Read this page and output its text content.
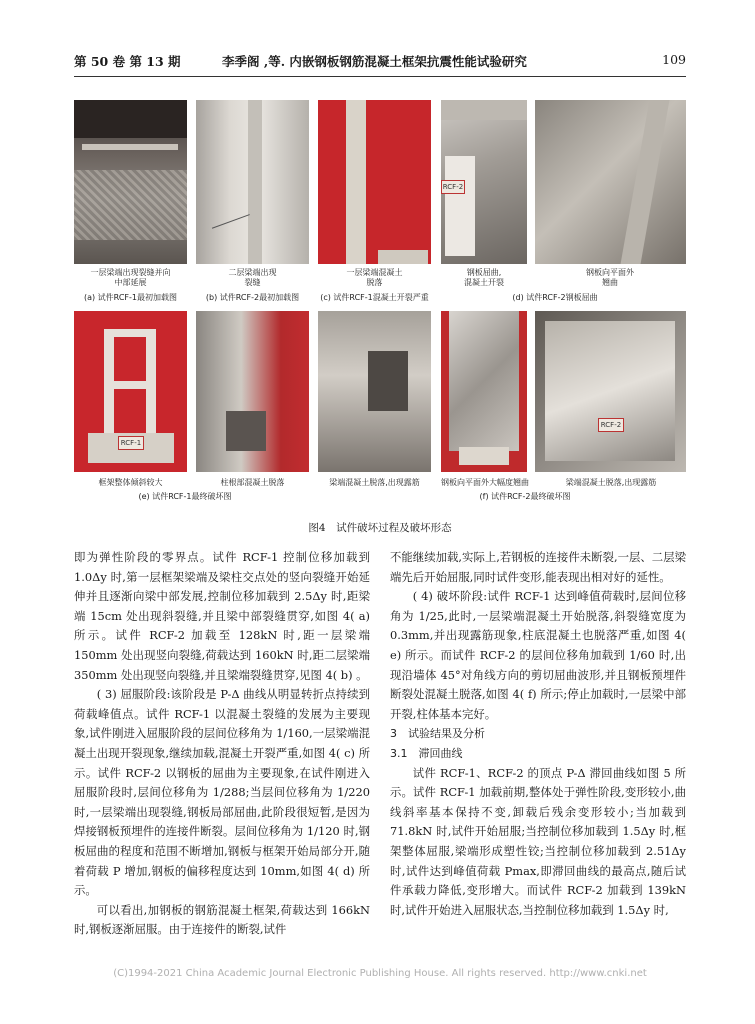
第 50 卷 第 13 期	李季阁 ,等. 内嵌钢板钢筋混凝土框架抗震性能试验研究	109
RCF-2
一层梁端出现裂缝并向
中部延展
二层梁端出现
裂缝
一层梁端混凝土
脱落
钢板屈曲,
混凝土开裂
钢板向平面外
翘曲
(a) 试件RCF-1最初加载图	(b) 试件RCF-2最初加载图	(c) 试件RCF-1混凝土开裂严重	(d) 试件RCF-2钢板屈曲
RCF-1
RCF-2
框架整体倾斜较大	柱根部混凝土脱落	梁端混凝土脱落,出现露筋	钢板向平面外大幅度翘曲	梁端混凝土脱落,出现露筋
(e) 试件RCF-1最终破坏图	(f) 试件RCF-2最终破坏图
图4　试件破坏过程及破坏形态

即为弹性阶段的零界点。试件 RCF-1 控制位移加载到 1.0Δy 时,第一层框架梁端及梁柱交点处的竖向裂缝开始延伸并且逐渐向梁中部发展,控制位移加载到 2.5Δy 时,距梁端 15cm 处出现斜裂缝,并且梁中部裂缝贯穿,如图 4( a) 所示。试件 RCF-2 加载至 128kN 时,距一层梁端 150mm 处出现竖向裂缝,荷载达到 160kN 时,距二层梁端 350mm 处出现竖向裂缝,并且梁端裂缝贯穿,见图 4( b) 。

( 3) 屈服阶段:该阶段是 P-Δ 曲线从明显转折点持续到荷载峰值点。试件 RCF-1 以混凝土裂缝的发展为主要现象,试件刚进入屈服阶段的层间位移角为 1/160,一层梁端混凝土出现开裂现象,继续加载,混凝土开裂严重,如图 4( c) 所示。试件 RCF-2 以钢板的屈曲为主要现象,在试件刚进入屈服阶段时,层间位移角为 1/288;当层间位移角为 1/220 时,一层梁端出现裂缝,钢板局部屈曲,此阶段很短暂,是因为焊接钢板预埋件的连接件断裂。层间位移角为 1/120 时,钢板屈曲的程度和范围不断增加,钢板与框架开始局部分开,随着荷载 P 增加,钢板的偏移程度达到 10mm,如图 4( d) 所示。

可以看出,加钢板的钢筋混凝土框架,荷载达到 166kN 时,钢板逐渐屈服。由于连接件的断裂,试件

不能继续加载,实际上,若钢板的连接件未断裂,一层、二层梁端先后开始屈服,同时试件变形,能表现出相对好的延性。

( 4) 破坏阶段:试件 RCF-1 达到峰值荷载时,层间位移角为 1/25,此时,一层梁端混凝土开始脱落,斜裂缝宽度为 0.3mm,并出现露筋现象,柱底混凝土也脱落严重,如图 4( e) 所示。而试件 RCF-2 的层间位移角加载到 1/60 时,出现沿墙体 45°对角线方向的剪切屈曲波形,并且钢板预埋件断裂处混凝土脱落,如图 4( f) 所示;停止加载时,一层梁中部开裂,柱体基本完好。

3　试验结果及分析
3.1　滞回曲线

试件 RCF-1、RCF-2 的顶点 P-Δ 滞回曲线如图 5 所示。试件 RCF-1 加载前期,整体处于弹性阶段,变形较小,曲线斜率基本保持不变,卸载后残余变形较小;当加载到 71.8kN 时,试件开始屈服;当控制位移加载到 1.5Δy 时,框架整体屈服,梁端形成塑性铰;当控制位移加载到 2.51Δy 时,试件达到峰值荷载 Pmax,即滞回曲线的最高点,随后试件承载力降低,变形增大。而试件 RCF-2 加载到 139kN 时,试件开始进入屈服状态,当控制位移加载到 1.5Δy 时,

(C)1994-2021 China Academic Journal Electronic Publishing House. All rights reserved. http://www.cnki.net
